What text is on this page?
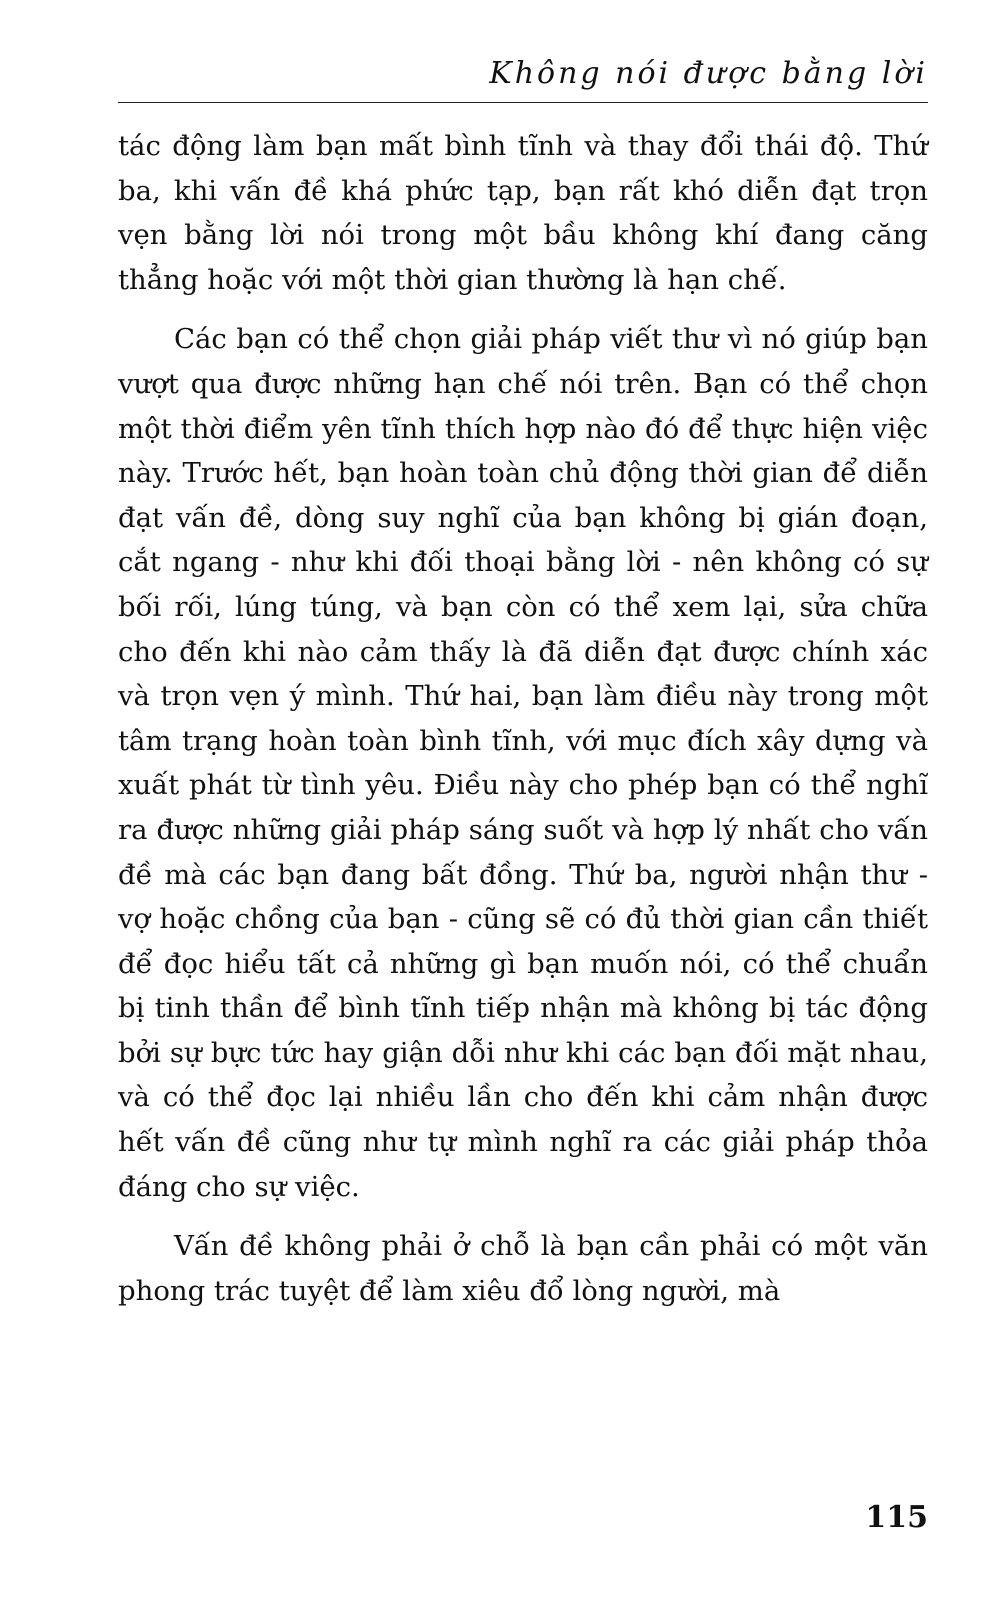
Không nói được bằng lời

tác động làm bạn mất bình tĩnh và thay đổi thái độ. Thứ ba, khi vấn đề khá phức tạp, bạn rất khó diễn đạt trọn vẹn bằng lời nói trong một bầu không khí đang căng thẳng hoặc với một thời gian thường là hạn chế.

Các bạn có thể chọn giải pháp viết thư vì nó giúp bạn vượt qua được những hạn chế nói trên. Bạn có thể chọn một thời điểm yên tĩnh thích hợp nào đó để thực hiện việc này. Trước hết, bạn hoàn toàn chủ động thời gian để diễn đạt vấn đề, dòng suy nghĩ của bạn không bị gián đoạn, cắt ngang - như khi đối thoại bằng lời - nên không có sự bối rối, lúng túng, và bạn còn có thể xem lại, sửa chữa cho đến khi nào cảm thấy là đã diễn đạt được chính xác và trọn vẹn ý mình. Thứ hai, bạn làm điều này trong một tâm trạng hoàn toàn bình tĩnh, với mục đích xây dựng và xuất phát từ tình yêu. Điều này cho phép bạn có thể nghĩ ra được những giải pháp sáng suốt và hợp lý nhất cho vấn đề mà các bạn đang bất đồng. Thứ ba, người nhận thư - vợ hoặc chồng của bạn - cũng sẽ có đủ thời gian cần thiết để đọc hiểu tất cả những gì bạn muốn nói, có thể chuẩn bị tinh thần để bình tĩnh tiếp nhận mà không bị tác động bởi sự bực tức hay giận dỗi như khi các bạn đối mặt nhau, và có thể đọc lại nhiều lần cho đến khi cảm nhận được hết vấn đề cũng như tự mình nghĩ ra các giải pháp thỏa đáng cho sự việc.

Vấn đề không phải ở chỗ là bạn cần phải có một văn phong trác tuyệt để làm xiêu đổ lòng người, mà

115
